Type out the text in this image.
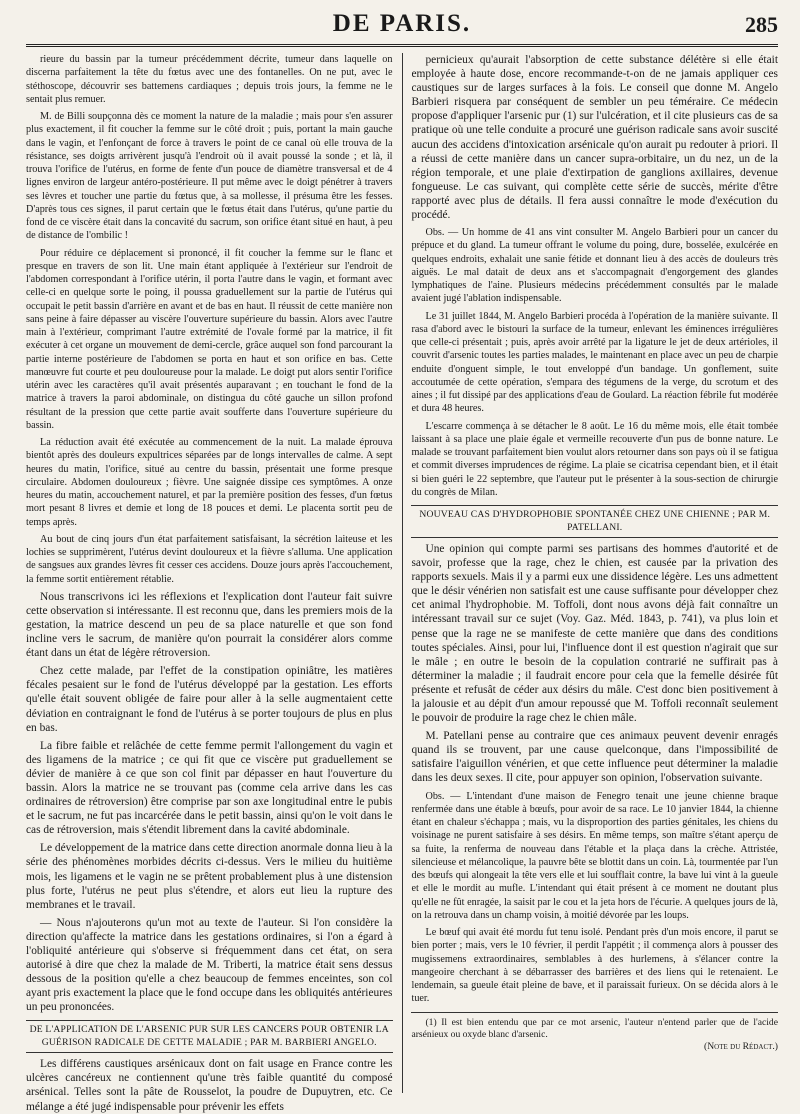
DE PARIS.	285

rieure du bassin par la tumeur précédemment décrite, tumeur dans laquelle on discerna parfaitement la tête du fœtus avec une des fontanelles. On ne put, avec le stéthoscope, découvrir ses battemens cardiaques ; depuis trois jours, la femme ne le sentait plus remuer.

M. de Billi soupçonna dès ce moment la nature de la maladie ; mais pour s'en assurer plus exactement, il fit coucher la femme sur le côté droit ; puis, portant la main gauche dans le vagin, et l'enfonçant de force à travers le point de ce canal où elle trouva de la résistance, ses doigts arrivèrent jusqu'à l'endroit où il avait poussé la sonde ; et là, il trouva l'orifice de l'utérus, en forme de fente d'un pouce de diamètre transversal et de 4 lignes environ de largeur antéro-postérieure. Il put même avec le doigt pénétrer à travers ses lèvres et toucher une partie du fœtus que, à sa mollesse, il présuma être les fesses. D'après tous ces signes, il parut certain que le fœtus était dans l'utérus, qu'une partie du fond de ce viscère était dans la concavité du sacrum, son orifice étant situé en haut, à peu de distance de l'ombilic !

Pour réduire ce déplacement si prononcé, il fit coucher la femme sur le flanc et presque en travers de son lit. Une main étant appliquée à l'extérieur sur l'endroit de l'abdomen correspondant à l'orifice utérin, il porta l'autre dans le vagin, et formant avec celle-ci en quelque sorte le poing, il poussa graduellement sur la partie de l'utérus qui occupait le petit bassin d'arrière en avant et de bas en haut. Il réussit de cette manière non sans peine à faire dépasser au viscère l'ouverture supérieure du bassin. Alors avec l'autre main à l'extérieur, comprimant l'autre extrémité de l'ovale formé par la matrice, il fit exécuter à cet organe un mouvement de demi-cercle, grâce auquel son fond parcourant la partie interne postérieure de l'abdomen se porta en haut et son orifice en bas. Cette manœuvre fut courte et peu douloureuse pour la malade. Le doigt put alors sentir l'orifice utérin avec les caractères qu'il avait présentés auparavant ; en touchant le fond de la matrice à travers la paroi abdominale, on distingua du côté gauche un sillon profond résultant de la pression que cette partie avait soufferte dans l'ouverture supérieure du bassin.

La réduction avait été exécutée au commencement de la nuit. La malade éprouva bientôt après des douleurs expultrices séparées par de longs intervalles de calme. A sept heures du matin, l'orifice, situé au centre du bassin, présentait une forme presque circulaire. Abdomen douloureux ; fièvre. Une saignée dissipe ces symptômes. A onze heures du matin, accouchement naturel, et par la première position des fesses, d'un fœtus mort pesant 8 livres et demie et long de 18 pouces et demi. Le placenta sortit peu de temps après.

Au bout de cinq jours d'un état parfaitement satisfaisant, la sécrétion laiteuse et les lochies se supprimèrent, l'utérus devint douloureux et la fièvre s'alluma. Une application de sangsues aux grandes lèvres fit cesser ces accidens. Douze jours après l'accouchement, la femme sortit entièrement rétablie.

Nous transcrivons ici les réflexions et l'explication dont l'auteur fait suivre cette observation si intéressante. Il est reconnu que, dans les premiers mois de la gestation, la matrice descend un peu de sa place naturelle et que son fond incline vers le sacrum, de manière qu'on pourrait la considérer alors comme étant dans un état de légère rétroversion.

Chez cette malade, par l'effet de la constipation opiniâtre, les matières fécales pesaient sur le fond de l'utérus développé par la gestation. Les efforts qu'elle était souvent obligée de faire pour aller à la selle augmentaient cette déviation en contraignant le fond de l'utérus à se porter toujours de plus en plus en bas.

La fibre faible et relâchée de cette femme permit l'allongement du vagin et des ligamens de la matrice ; ce qui fit que ce viscère put graduellement se dévier de manière à ce que son col finit par dépasser en haut l'ouverture du bassin. Alors la matrice ne se trouvant pas (comme cela arrive dans les cas ordinaires de rétroversion) être comprise par son axe longitudinal entre le pubis et le sacrum, ne fut pas incarcérée dans le petit bassin, ainsi qu'on le voit dans le cas de rétroversion, mais s'étendit librement dans la cavité abdominale.

Le développement de la matrice dans cette direction anormale donna lieu à la série des phénomènes morbides décrits ci-dessus. Vers le milieu du huitième mois, les ligamens et le vagin ne se prêtent probablement plus à une distension plus forte, l'utérus ne peut plus s'étendre, et alors eut lieu la rupture des membranes et le travail.

— Nous n'ajouterons qu'un mot au texte de l'auteur. Si l'on considère la direction qu'affecte la matrice dans les gestations ordinaires, si l'on a égard à l'obliquité antérieure qui s'observe si fréquemment dans cet état, on sera autorisé à dire que chez la malade de M. Triberti, la matrice était sens dessus dessous de la position qu'elle a chez beaucoup de femmes enceintes, son col ayant pris exactement la place que le fond occupe dans les obliquités antérieures un peu prononcées.

DE L'APPLICATION DE L'ARSENIC PUR SUR LES CANCERS POUR OBTENIR LA GUÉRISON RADICALE DE CETTE MALADIE ; PAR M. BARBIERI ANGELO.

Les différens caustiques arsénicaux dont on fait usage en France contre les ulcères cancéreux ne contiennent qu'une très faible quantité du composé arsénical. Telles sont la pâte de Rousselot, la poudre de Dupuytren, etc. Ce mélange a été jugé indispensable pour prévenir les effets

pernicieux qu'aurait l'absorption de cette substance délétère si elle était employée à haute dose, encore recommande-t-on de ne jamais appliquer ces caustiques sur de larges surfaces à la fois. Le conseil que donne M. Angelo Barbieri risquera par conséquent de sembler un peu téméraire. Ce médecin propose d'appliquer l'arsenic pur (1) sur l'ulcération, et il cite plusieurs cas de sa pratique où une telle conduite a procuré une guérison radicale sans avoir suscité aucun des accidens d'intoxication arsénicale qu'on aurait pu redouter à priori. Il a réussi de cette manière dans un cancer supra-orbitaire, un du nez, un de la région temporale, et une plaie d'extirpation de ganglions axillaires, devenue fongueuse. Le cas suivant, qui complète cette série de succès, mérite d'être rapporté avec plus de détails. Il fera aussi connaître le mode d'exécution du procédé.

Obs. — Un homme de 41 ans vint consulter M. Angelo Barbieri pour un cancer du prépuce et du gland. La tumeur offrant le volume du poing, dure, bosselée, exulcérée en quelques endroits, exhalait une sanie fétide et donnant lieu à des accès de douleurs très aiguës. Le mal datait de deux ans et s'accompagnait d'engorgement des glandes lymphatiques de l'aine. Plusieurs médecins précédemment consultés par le malade avaient jugé l'ablation indispensable.

Le 31 juillet 1844, M. Angelo Barbieri procéda à l'opération de la manière suivante. Il rasa d'abord avec le bistouri la surface de la tumeur, enlevant les éminences irrégulières que celle-ci présentait ; puis, après avoir arrêté par la ligature le jet de deux artérioles, il couvrit d'arsenic toutes les parties malades, le maintenant en place avec un peu de charpie enduite d'onguent simple, le tout enveloppé d'un bandage. Un gonflement, suite accoutumée de cette opération, s'empara des tégumens de la verge, du scrotum et des aines ; il fut dissipé par des applications d'eau de Goulard. La réaction fébrile fut modérée et dura 48 heures.

L'escarre commença à se détacher le 8 août. Le 16 du même mois, elle était tombée laissant à sa place une plaie égale et vermeille recouverte d'un pus de bonne nature. Le malade se trouvant parfaitement bien voulut alors retourner dans son pays où il se fatigua et commit diverses imprudences de régime. La plaie se cicatrisa cependant bien, et il était si bien guéri le 22 septembre, que l'auteur put le présenter à la sous-section de chirurgie du congrès de Milan.

NOUVEAU CAS D'HYDROPHOBIE SPONTANÉE CHEZ UNE CHIENNE ; PAR M. PATELLANI.

Une opinion qui compte parmi ses partisans des hommes d'autorité et de savoir, professe que la rage, chez le chien, est causée par la privation des rapports sexuels. Mais il y a parmi eux une dissidence légère. Les uns admettent que le désir vénérien non satisfait est une cause suffisante pour développer chez cet animal l'hydrophobie. M. Toffoli, dont nous avons déjà fait connaître un intéressant travail sur ce sujet (Voy. Gaz. Méd. 1843, p. 741), va plus loin et pense que la rage ne se manifeste de cette manière que dans des conditions toutes spéciales. Ainsi, pour lui, l'influence dont il est question n'agirait que sur le mâle ; en outre le besoin de la copulation contrarié ne suffirait pas à déterminer la maladie ; il faudrait encore pour cela que la femelle désirée fût présente et refusât de céder aux désirs du mâle. C'est donc bien positivement à la jalousie et au dépit d'un amour repoussé que M. Toffoli reconnaît seulement le pouvoir de produire la rage chez le chien mâle.

M. Patellani pense au contraire que ces animaux peuvent devenir enragés quand ils se trouvent, par une cause quelconque, dans l'impossibilité de satisfaire l'aiguillon vénérien, et que cette influence peut déterminer la maladie dans les deux sexes. Il cite, pour appuyer son opinion, l'observation suivante.

Obs. — L'intendant d'une maison de Fenegro tenait une jeune chienne braque renfermée dans une étable à bœufs, pour avoir de sa race. Le 10 janvier 1844, la chienne étant en chaleur s'échappa ; mais, vu la disproportion des parties génitales, les chiens du voisinage ne purent satisfaire à ses désirs. En même temps, son maître s'étant aperçu de sa fuite, la renferma de nouveau dans l'étable et la plaça dans la crèche. Attristée, silencieuse et mélancolique, la pauvre bête se blottit dans un coin. Là, tourmentée par l'un des bœufs qui alongeait la tête vers elle et lui soufflait contre, la bave lui vint à la gueule et elle le mordit au mufle. L'intendant qui était présent à ce moment ne doutant plus qu'elle ne fût enragée, la saisit par le cou et la jeta hors de l'écurie. A quelques jours de là, on la retrouva dans un champ voisin, à moitié dévorée par les loups.

Le bœuf qui avait été mordu fut tenu isolé. Pendant près d'un mois encore, il parut se bien porter ; mais, vers le 10 février, il perdit l'appétit ; il commença alors à pousser des mugissemens extraordinaires, semblables à des hurlemens, à s'élancer contre la mangeoire cherchant à se débarrasser des barrières et des liens qui le retenaient. Le lendemain, sa gueule était pleine de bave, et il paraissait furieux. On se décida alors à le tuer.

(1) Il est bien entendu que par ce mot arsenic, l'auteur n'entend parler que de l'acide arsénieux ou oxyde blanc d'arsenic.

(Note du Rédact.)
